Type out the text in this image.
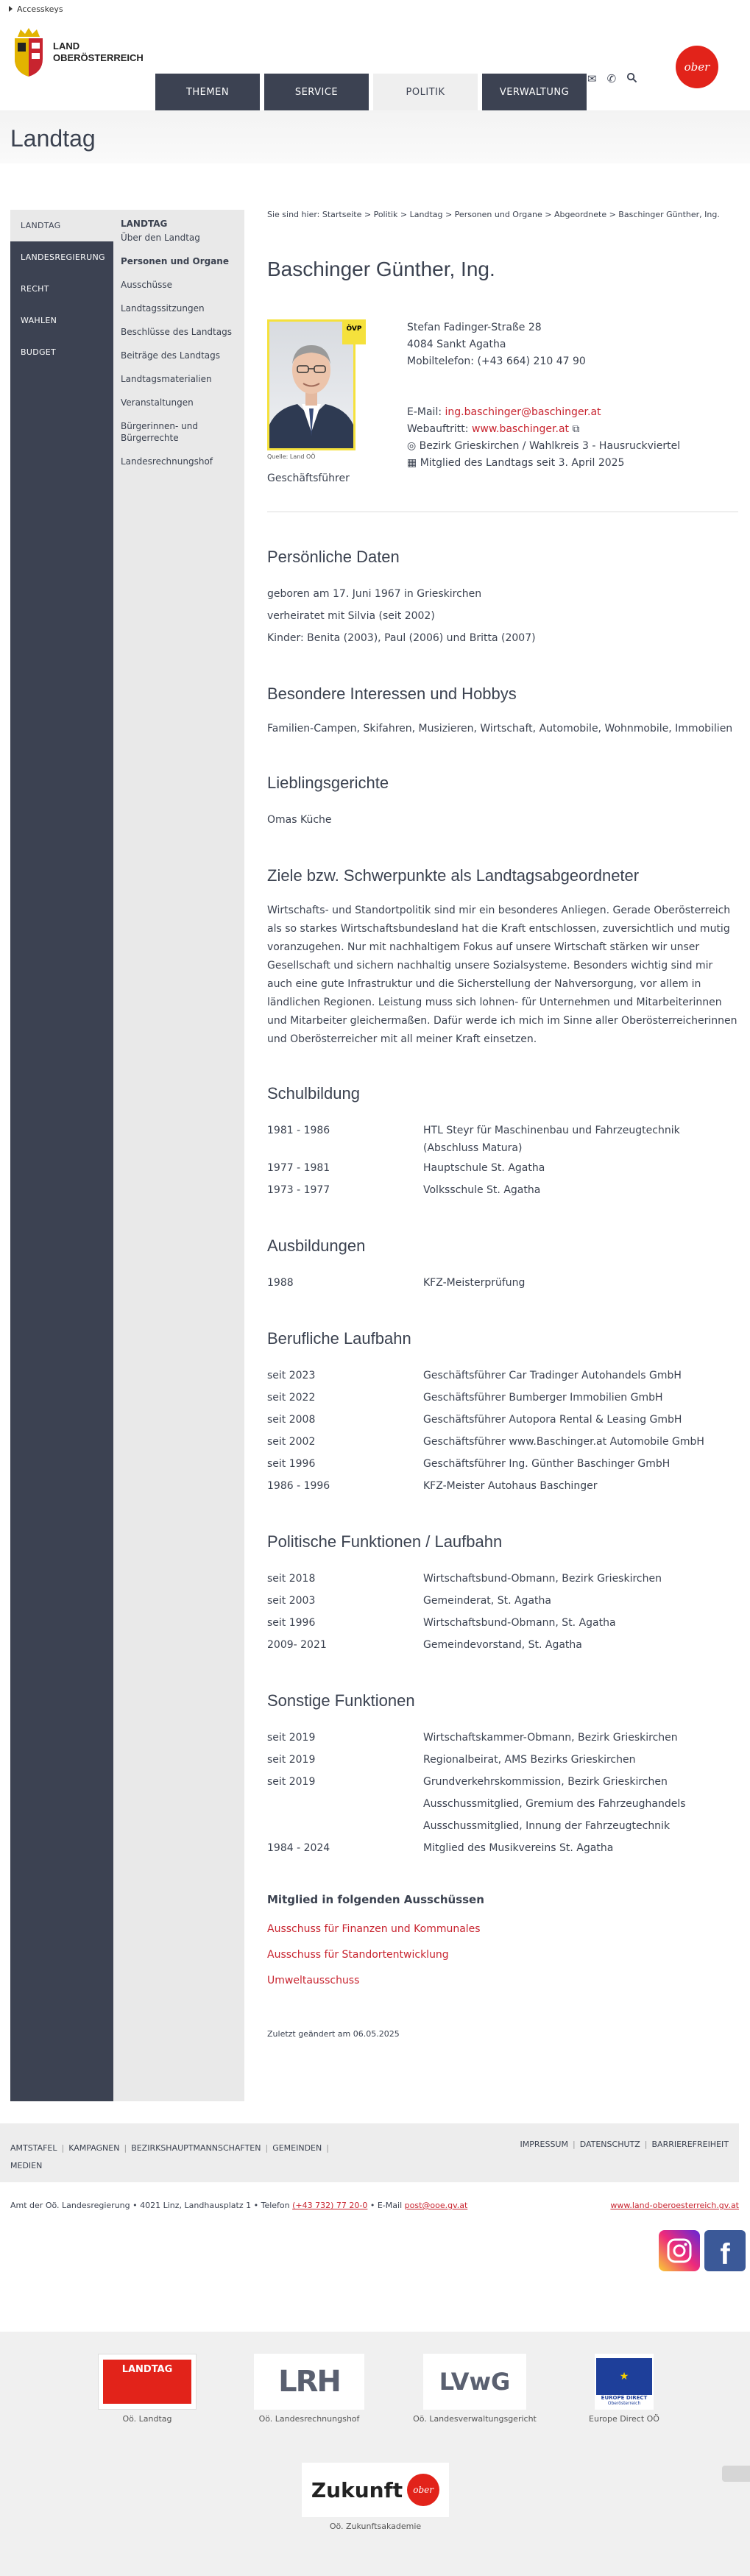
Accesskeys
LAND
OBERÖSTERREICH
THEMEN	SERVICE	POLITIK	VERWALTUNG
✉ ✆
ober
Landtag
LANDTAG
LANDESREGIERUNG
RECHT
WAHLEN
BUDGET
LANDTAG
Über den Landtag
Personen und Organe
Ausschüsse
Landtagssitzungen
Beschlüsse des Landtags
Beiträge des Landtags
Landtagsmaterialien
Veranstaltungen
Bürgerinnen- und Bürgerrechte
Landesrechnungshof
Sie sind hier: Startseite > Politik > Landtag > Personen und Organe > Abgeordnete > Baschinger Günther, Ing.
Baschinger Günther, Ing.
ÖVP
Quelle: Land OÖ
Geschäftsführer
Stefan Fadinger-Straße 28
4084 Sankt Agatha
Mobiltelefon: (+43 664) 210 47 90
E-Mail: ing.baschinger@baschinger.at
Webauftritt: www.baschinger.at ⧉
◎ Bezirk Grieskirchen / Wahlkreis 3 - Hausruckviertel
▦ Mitglied des Landtags seit 3. April 2025
Persönliche Daten
geboren am 17. Juni 1967 in Grieskirchen
verheiratet mit Silvia (seit 2002)
Kinder: Benita (2003), Paul (2006) und Britta (2007)
Besondere Interessen und Hobbys
Familien-Campen, Skifahren, Musizieren, Wirtschaft, Automobile, Wohnmobile, Immobilien
Lieblingsgerichte
Omas Küche
Ziele bzw. Schwerpunkte als Landtagsabgeordneter
Wirtschafts- und Standortpolitik sind mir ein besonderes Anliegen. Gerade Oberösterreich als so starkes Wirtschaftsbundesland hat die Kraft entschlossen, zuversichtlich und mutig voranzugehen. Nur mit nachhaltigem Fokus auf unsere Wirtschaft stärken wir unser Gesellschaft und sichern nachhaltig unsere Sozialsysteme. Besonders wichtig sind mir auch eine gute Infrastruktur und die Sicherstellung der Nahversorgung, vor allem in ländlichen Regionen. Leistung muss sich lohnen- für Unternehmen und Mitarbeiterinnen und Mitarbeiter gleichermaßen. Dafür werde ich mich im Sinne aller Oberösterreicherinnen und Oberösterreicher mit all meiner Kraft einsetzen.
Schulbildung
1981 - 1986	HTL Steyr für Maschinenbau und Fahrzeugtechnik (Abschluss Matura)
1977 - 1981	Hauptschule St. Agatha
1973 - 1977	Volksschule St. Agatha
Ausbildungen
1988	KFZ-Meisterprüfung
Berufliche Laufbahn
seit 2023	Geschäftsführer Car Tradinger Autohandels GmbH
seit 2022	Geschäftsführer Bumberger Immobilien GmbH
seit 2008	Geschäftsführer Autopora Rental & Leasing GmbH
seit 2002	Geschäftsführer www.Baschinger.at Automobile GmbH
seit 1996	Geschäftsführer Ing. Günther Baschinger GmbH
1986 - 1996	KFZ-Meister Autohaus Baschinger
Politische Funktionen / Laufbahn
seit 2018	Wirtschaftsbund-Obmann, Bezirk Grieskirchen
seit 2003	Gemeinderat, St. Agatha
seit 1996	Wirtschaftsbund-Obmann, St. Agatha
2009- 2021	Gemeindevorstand, St. Agatha
Sonstige Funktionen
seit 2019	Wirtschaftskammer-Obmann, Bezirk Grieskirchen
seit 2019	Regionalbeirat, AMS Bezirks Grieskirchen
seit 2019	Grundverkehrskommission, Bezirk Grieskirchen
Ausschussmitglied, Gremium des Fahrzeughandels
Ausschussmitglied, Innung der Fahrzeugtechnik
1984 - 2024	Mitglied des Musikvereins St. Agatha
Mitglied in folgenden Ausschüssen
Ausschuss für Finanzen und Kommunales
Ausschuss für Standortentwicklung
Umweltausschuss
Zuletzt geändert am 06.05.2025
AMTSTAFEL | KAMPAGNEN | BEZIRKSHAUPTMANNSCHAFTEN | GEMEINDEN |
MEDIEN
IMPRESSUM | DATENSCHUTZ | BARRIEREFREIHEIT
Amt der Oö. Landesregierung • 4021 Linz, Landhausplatz 1 • Telefon (+43 732) 77 20-0 • E-Mail post@ooe.gv.at	www.land-oberoesterreich.gv.at
f
LANDTAG
Oö. Landtag
LRH
Oö. Landesrechnungshof
LVwG
Oö. Landesverwaltungsgericht
★
EUROPE DIRECT
Oberösterreich
Europe Direct OÖ
Zukunft	ober
Oö. Zukunftsakademie
